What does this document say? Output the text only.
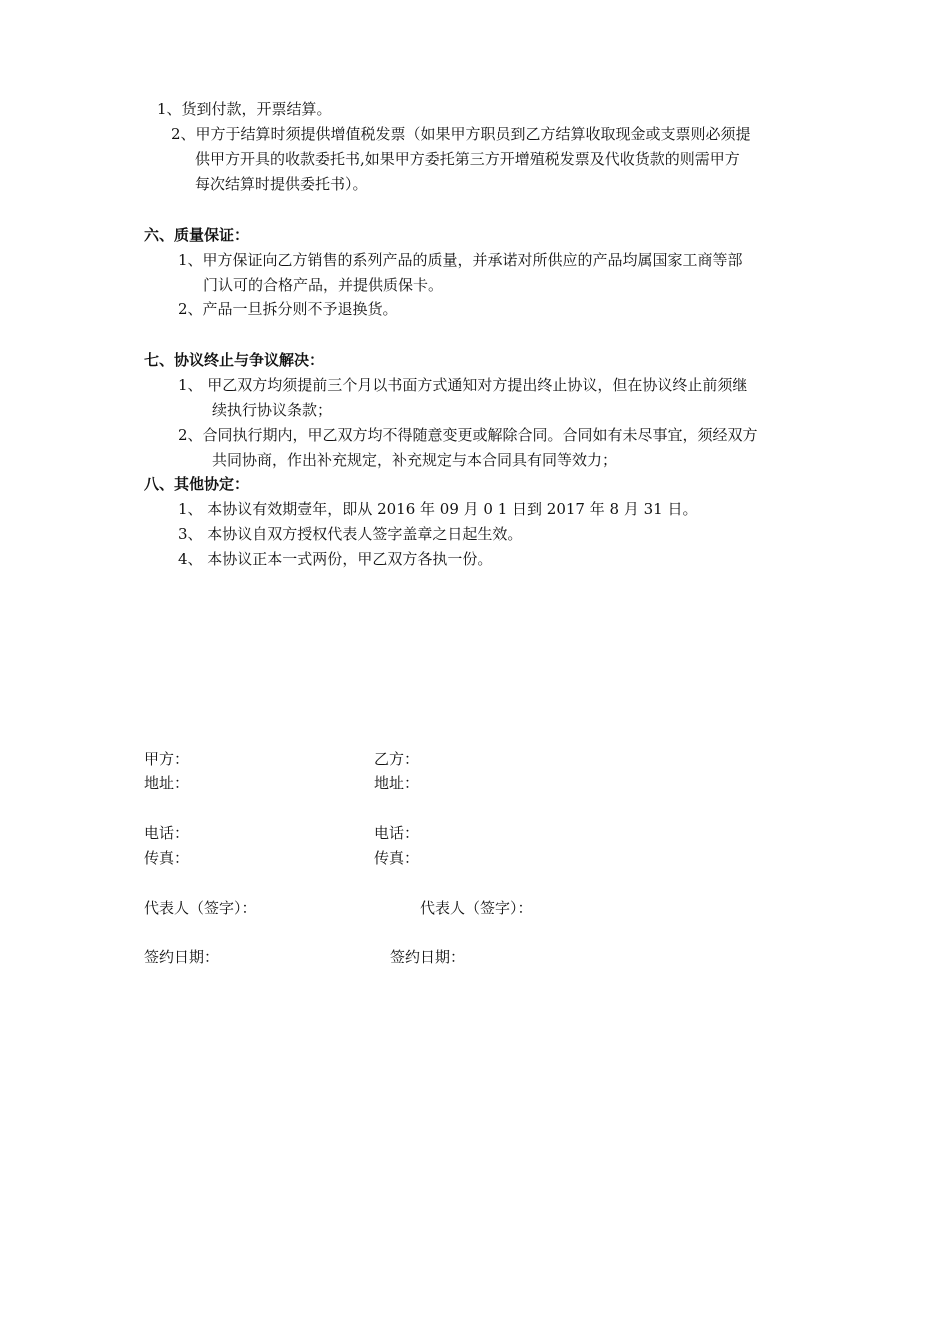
1、货到付款，开票结算。
2、甲方于结算时须提供增值税发票（如果甲方职员到乙方结算收取现金或支票则必须提
供甲方开具的收款委托书,如果甲方委托第三方开增殖税发票及代收货款的则需甲方
每次结算时提供委托书）。
六、质量保证：
1、甲方保证向乙方销售的系列产品的质量，并承诺对所供应的产品均属国家工商等部
门认可的合格产品，并提供质保卡。
2、产品一旦拆分则不予退换货。
七、协议终止与争议解决：
1、 甲乙双方均须提前三个月以书面方式通知对方提出终止协议，但在协议终止前须继
续执行协议条款；
2、合同执行期内，甲乙双方均不得随意变更或解除合同。合同如有未尽事宜，须经双方
共同协商，作出补充规定，补充规定与本合同具有同等效力；
八、其他协定：
1、 本协议有效期壹年，即从 2016 年 09 月 0 1 日到 2017 年 8 月 31 日。
3、 本协议自双方授权代表人签字盖章之日起生效。
4、 本协议正本一式两份，甲乙双方各执一份。
甲方：	乙方：
地址：	地址：
电话：	电话：
传真：	传真：
代表人（签字）：	代表人（签字）：
签约日期：	签约日期：
